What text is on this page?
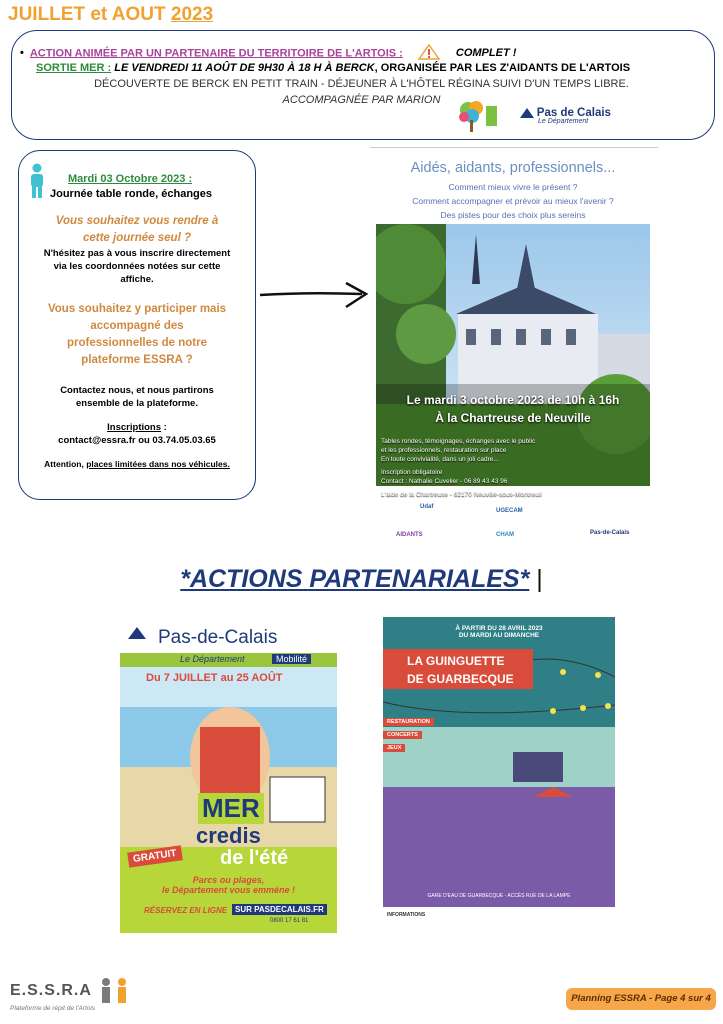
JUILLET et AOUT 2023
• ACTION ANIMÉE PAR UN PARTENAIRE DU TERRITOIRE DE L'ARTOIS :	COMPLET !
SORTIE MER : LE VENDREDI 11 AOÛT DE 9H30 À 18 H À BERCK, ORGANISÉE PAR LES Z'AIDANTS DE L'ARTOIS
DÉCOUVERTE DE BERCK EN PETIT TRAIN - DÉJEUNER À L'HÔTEL RÉGINA SUIVI D'UN TEMPS LIBRE.
ACCOMPAGNÉE PAR MARION
Pas de Calais
Le Département
Mardi 03 Octobre 2023 :
Journée table ronde, échanges
Vous souhaitez vous rendre à
cette journée seul ?
N'hésitez pas à vous inscrire directement
via les coordonnées notées sur cette
affiche.
Vous souhaitez y participer mais
accompagné des
professionnelles de notre
plateforme ESSRA ?
Contactez nous, et nous partirons
ensemble de la plateforme.
Inscriptions :
contact@essra.fr ou 03.74.05.03.65
Attention, places limitées dans nos véhicules.
Aidés, aidants, professionnels...
Comment mieux vivre le présent ?
Comment accompagner et prévoir au mieux l'avenir ?
Des pistes pour des choix plus sereins
Le mardi 3 octobre 2023 de 10h à 16h
À la Chartreuse de Neuville
Tables rondes, témoignages, échanges avec le public
et les professionnels, restauration sur place
En toute convivialité, dans un joli cadre...
Inscription obligatoire
Contact : Nathalie Cuvelier - 06 89 43 43 96
L'aide de la Chartreuse - 62170 Neuville-sous-Montreuil
Udaf
UGECAM
AIDANTS	CHAM	Pas-de-Calais
*ACTIONS PARTENARIALES* |
Pas-de-Calais
Le Département	Mobilité
Du 7 JUILLET au 25 AOÛT
MER
credis
de l'été
GRATUIT
Parcs ou plages,
le Département vous emmène !
RÉSERVEZ EN LIGNE SUR PASDECALAIS.FR
0800 17 61 81
À PARTIR DU 28 AVRIL 2023
DU MARDI AU DIMANCHE
LA GUINGUETTE
DE GUARBECQUE
RESTAURATION
CONCERTS
JEUX
GARE D'EAU DE GUARBECQUE - ACCÈS RUE DE LA LAMPE
INFORMATIONS
E.S.S.R.A
Plateforme de répit de l'Artois
Planning ESSRA - Page 4 sur 4
